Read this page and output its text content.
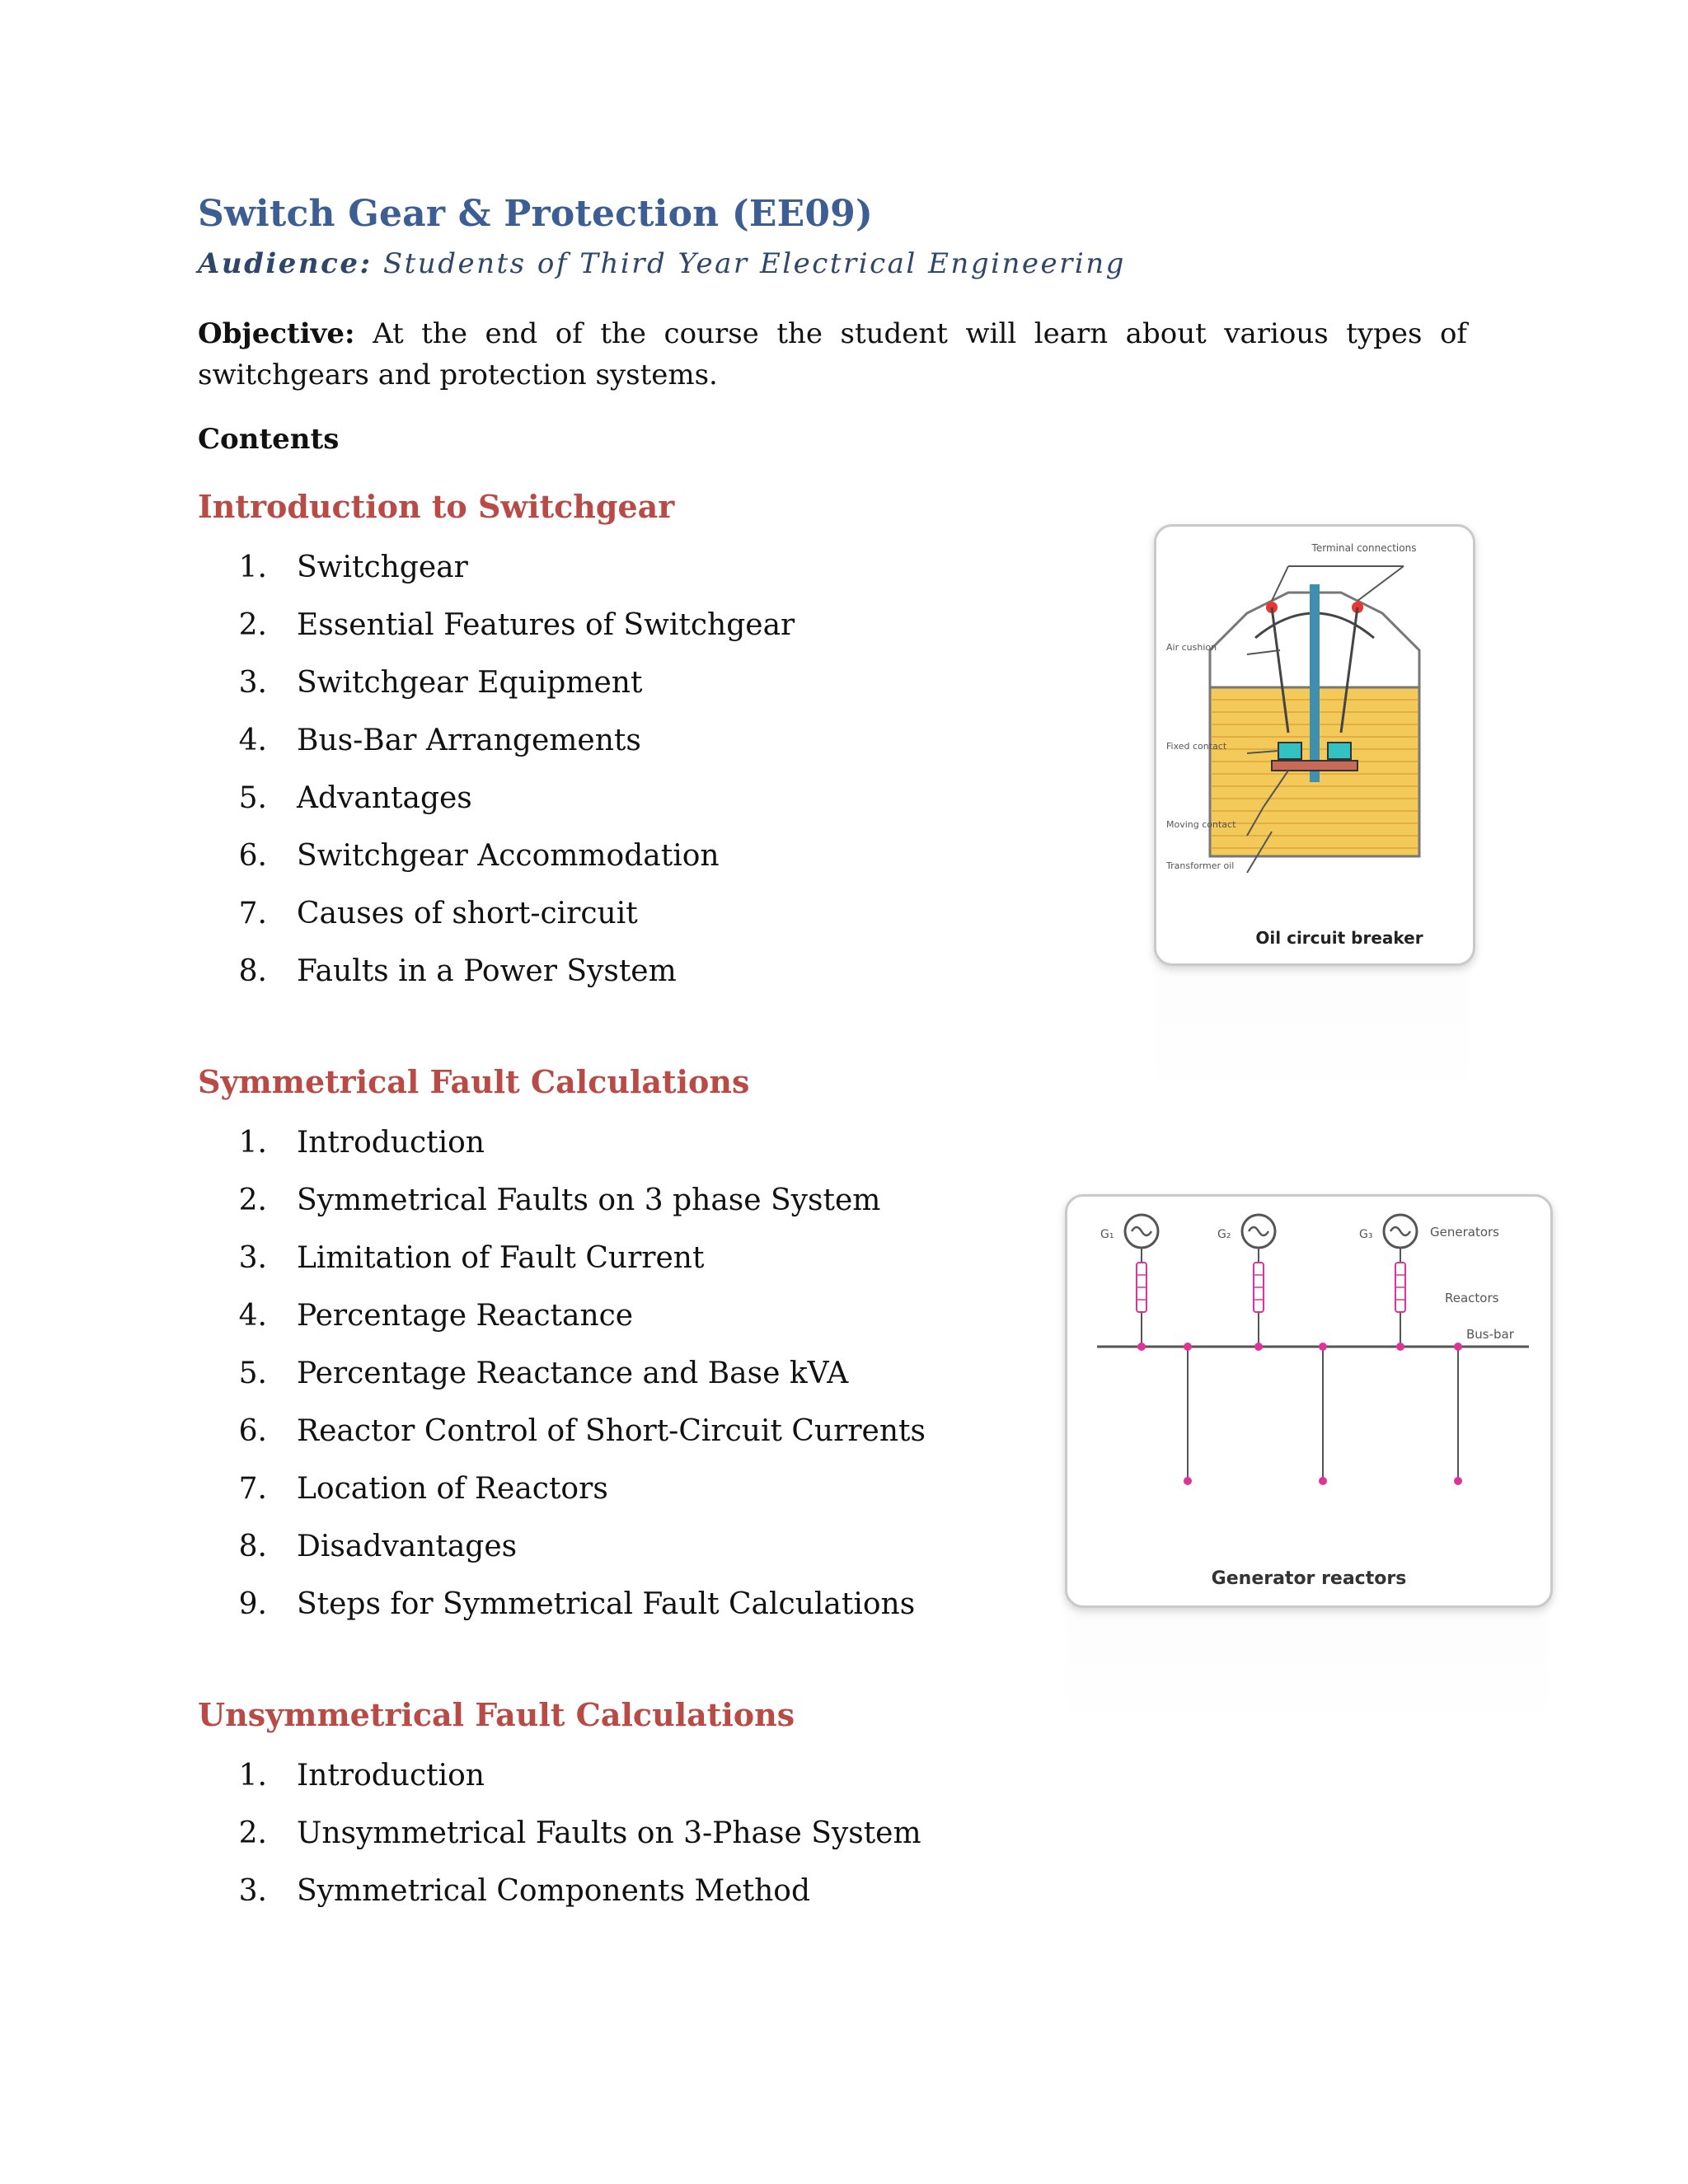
Switch Gear & Protection (EE09)
Audience: Students of Third Year Electrical Engineering
Objective: At the end of the course the student will learn about various types of switchgears and protection systems.
Contents
Introduction to Switchgear
1. Switchgear
2. Essential Features of Switchgear
3. Switchgear Equipment
4. Bus-Bar Arrangements
5. Advantages
6. Switchgear Accommodation
7. Causes of short-circuit
8. Faults in a Power System
Symmetrical Fault Calculations
1. Introduction
2. Symmetrical Faults on 3 phase System
3. Limitation of Fault Current
4. Percentage Reactance
5. Percentage Reactance and Base kVA
6. Reactor Control of Short-Circuit Currents
7. Location of Reactors
8. Disadvantages
9. Steps for Symmetrical Fault Calculations
Unsymmetrical Fault Calculations
1. Introduction
2. Unsymmetrical Faults on 3-Phase System
3. Symmetrical Components Method
Terminal connections
Air cushion
Fixed contact
Moving contact
Transformer oil
Oil circuit breaker
G₁	G₂	G₃	Generators
Reactors
Bus-bar
Generator reactors
